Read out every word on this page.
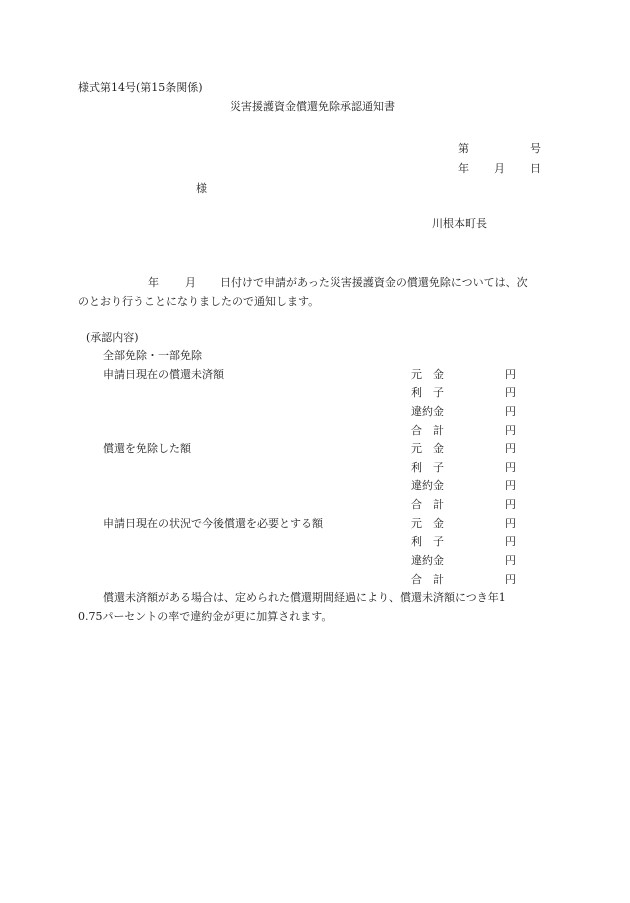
様式第14号(第15条関係)
災害援護資金償還免除承認通知書
第	号
年 月 日
様
川根本町長
年 月 日付けで申請があった災害援護資金の償還免除については、次
のとおり行うことになりましたので通知します。
(承認内容)
全部免除・一部免除
申請日現在の償還未済額	元　金	円
利　子	円
違約金	円
合　計	円
償還を免除した額	元　金	円
利　子	円
違約金	円
合　計	円
申請日現在の状況で今後償還を必要とする額	元　金	円
利　子	円
違約金	円
合　計	円
償還未済額がある場合は、定められた償還期間経過により、償還未済額につき年1
0.75パーセントの率で違約金が更に加算されます。
